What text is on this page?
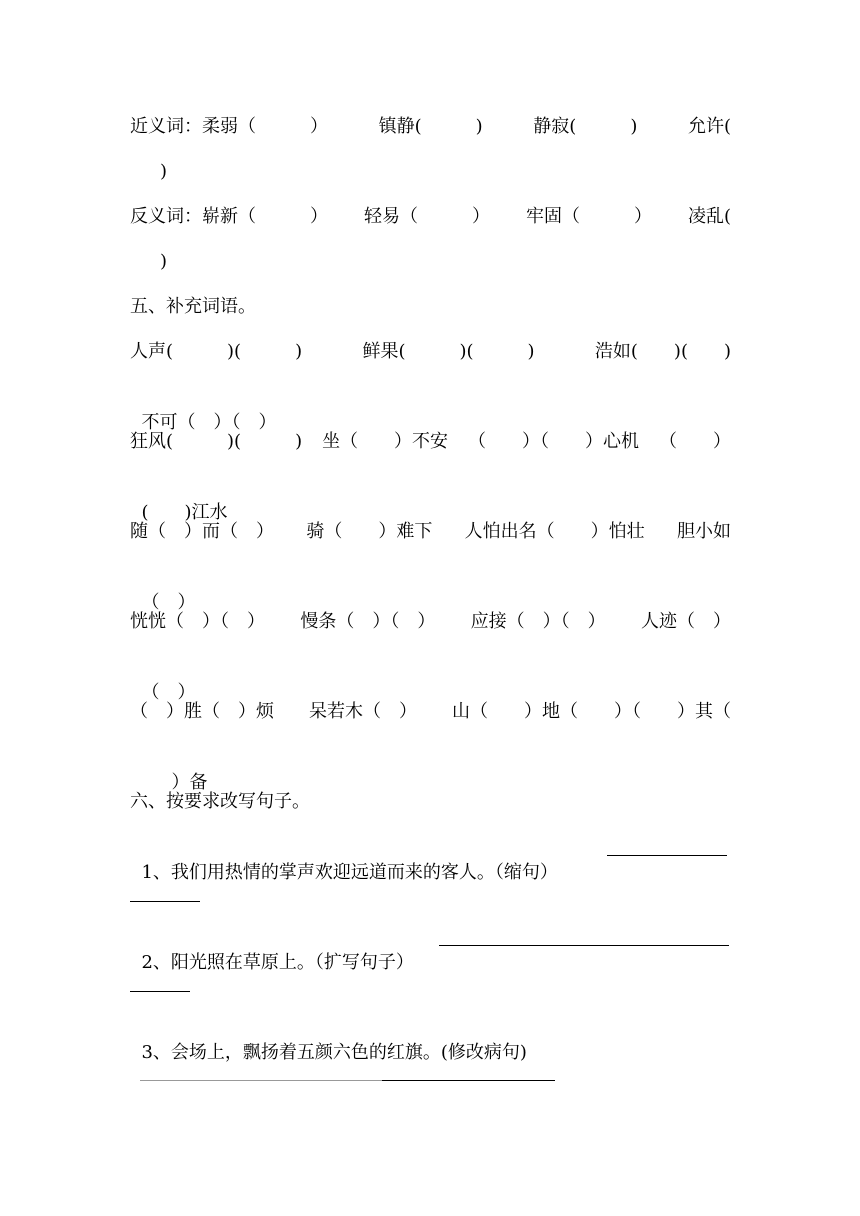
近义词：柔弱（　　　）	镇静(　　　)	静寂(　　　)	允许(
)
反义词：崭新（　　　） 轻易（　　　） 牢固（　　　） 凌乱(
)
五、补充词语。
人声(　　　)(　　　)	鲜果(　　　)(　　　)	浩如(　　)(　　)

不可（　）（　）

狂风(　　　)(　　　) 坐（　　）不安 （　　）（　　）心机 （　　）

(　　)江水

随（　）而（　） 骑（　　）难下 人怕出名（　　）怕壮 胆小如

（　）

恍恍（　）（　） 慢条（　）（　） 应接（　）（　） 人迹（　）

（　）

（　）胜（　）烦 呆若木（　） 山（　　）地（　　）（　　）其（

）备

六、按要求改写句子。

1、我们用热情的掌声欢迎远道而来的客人。（缩句）

2、阳光照在草原上。（扩写句子）

3、会场上，飘扬着五颜六色的红旗。(修改病句)
